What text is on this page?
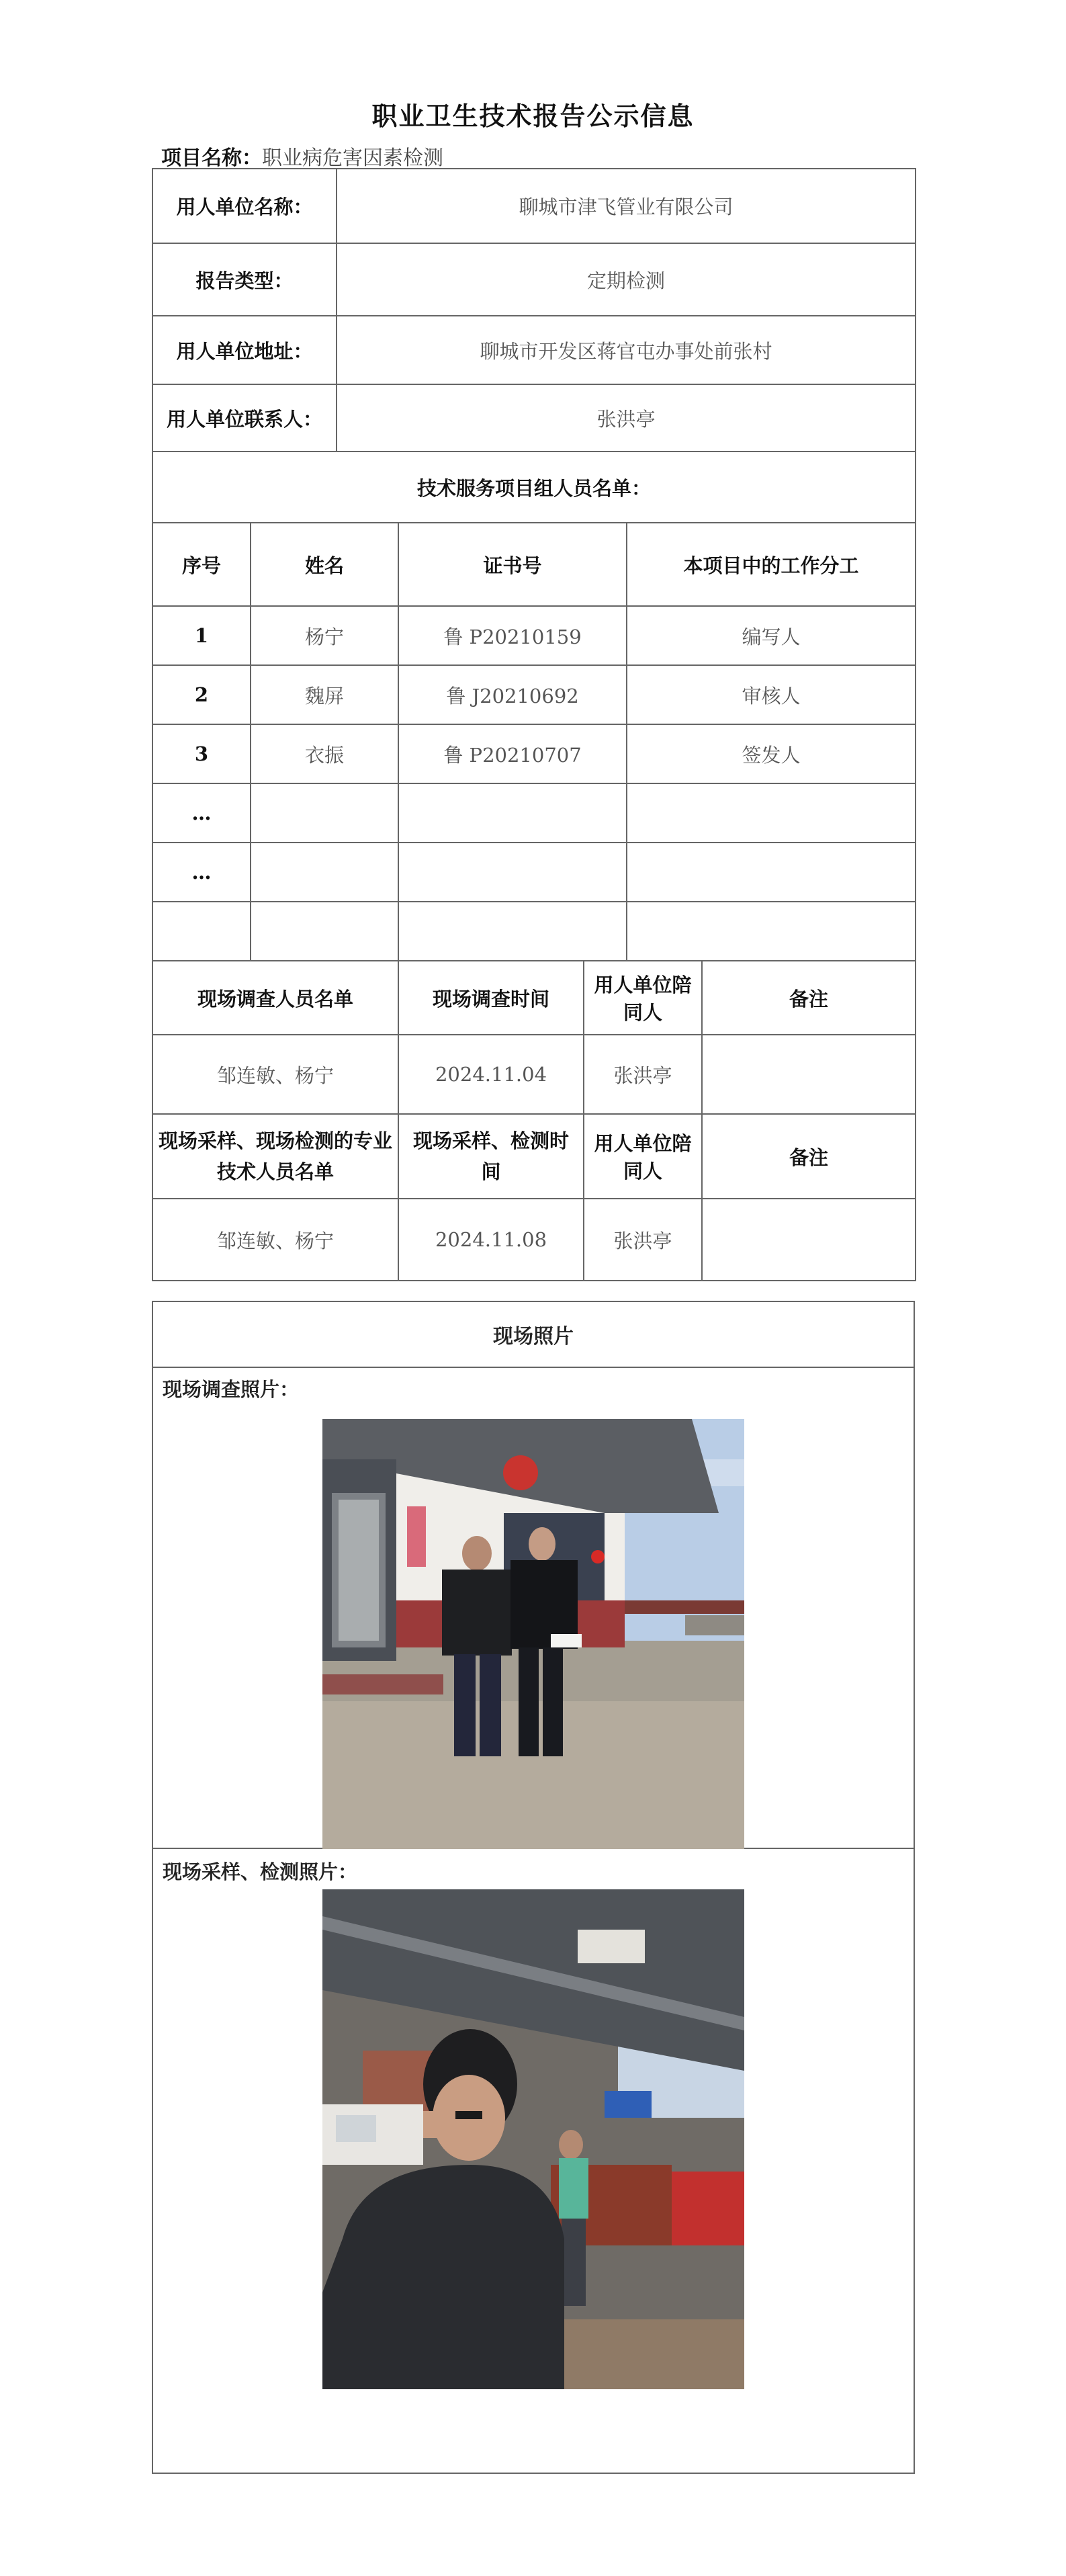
职业卫生技术报告公示信息
项目名称：职业病危害因素检测
用人单位名称：		聊城市津飞管业有限公司				
报告类型：		定期检测				
用人单位地址：		聊城市开发区蒋官屯办事处前张村				
用人单位联系人：		张洪亭				
技术服务项目组人员名单：						
序号	姓名		证书号		本项目中的工作分工	
1	杨宁		鲁 P20210159		编写人	
2	魏屏		鲁 J20210692		审核人	
3	衣振		鲁 P20210707		签发人	
…						
…						

现场调查人员名单			现场调查时间	用人单位陪同人		备注
邹连敏、杨宁			2024.11.04	张洪亭		
现场采样、现场检测的专业技术人员名单			现场采样、检测时间	用人单位陪同人		备注
邹连敏、杨宁			2024.11.08	张洪亭		
现场照片
现场调查照片：
现场采样、检测照片：
